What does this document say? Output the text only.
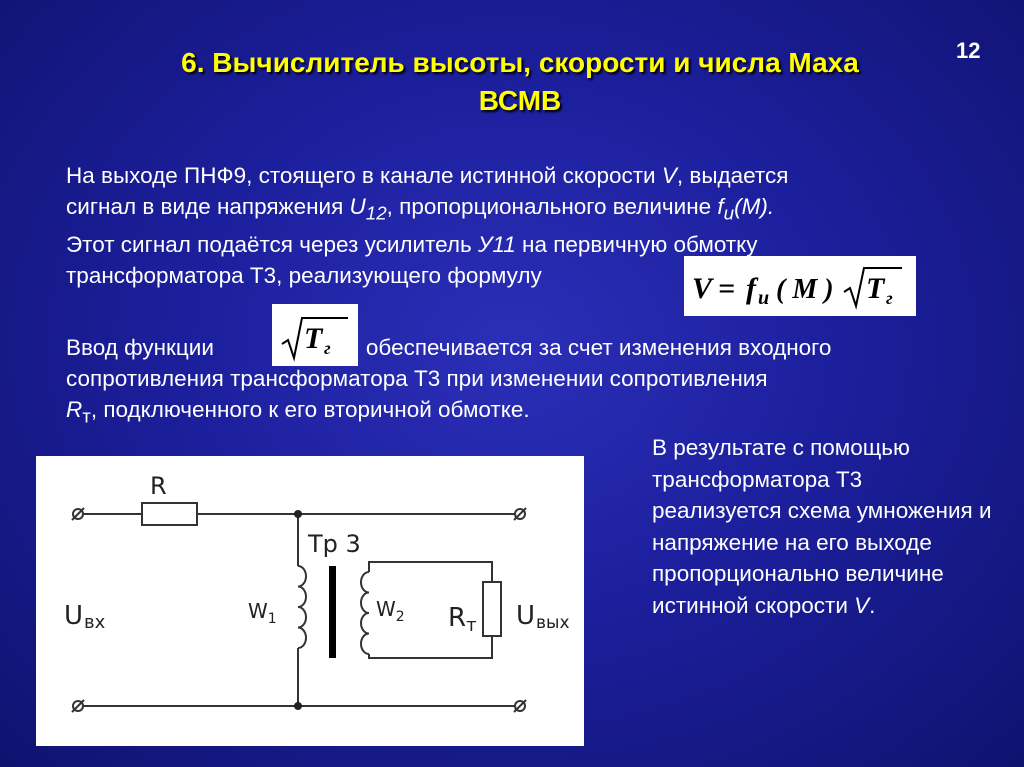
6. Вычислитель высоты, скорости и числа Маха
ВСМВ
12
На выходе ПНФ9, стоящего в канале истинной скорости V, выдается
сигнал в виде напряжения $U_{12}$, пропорционального величине $f_и(M)$.
Этот сигнал подаётся через усилитель У11 на первичную обмотку
трансформатора Т3, реализующего формулу	V = f и ( M ) T г
Ввод функции	обеспечивается за счет изменения входного
сопротивления трансформатора Т3 при изменении сопротивления
$R_т$, подключенного к его вторичной обмотке.
T г
В результате с помощью трансформатора Т3 реализуется схема умножения и напряжение на его выходе пропорционально величине истинной скорости V.
R
Тр 3
Uвх	$W_1$	$W_2$ Rт Uвых
